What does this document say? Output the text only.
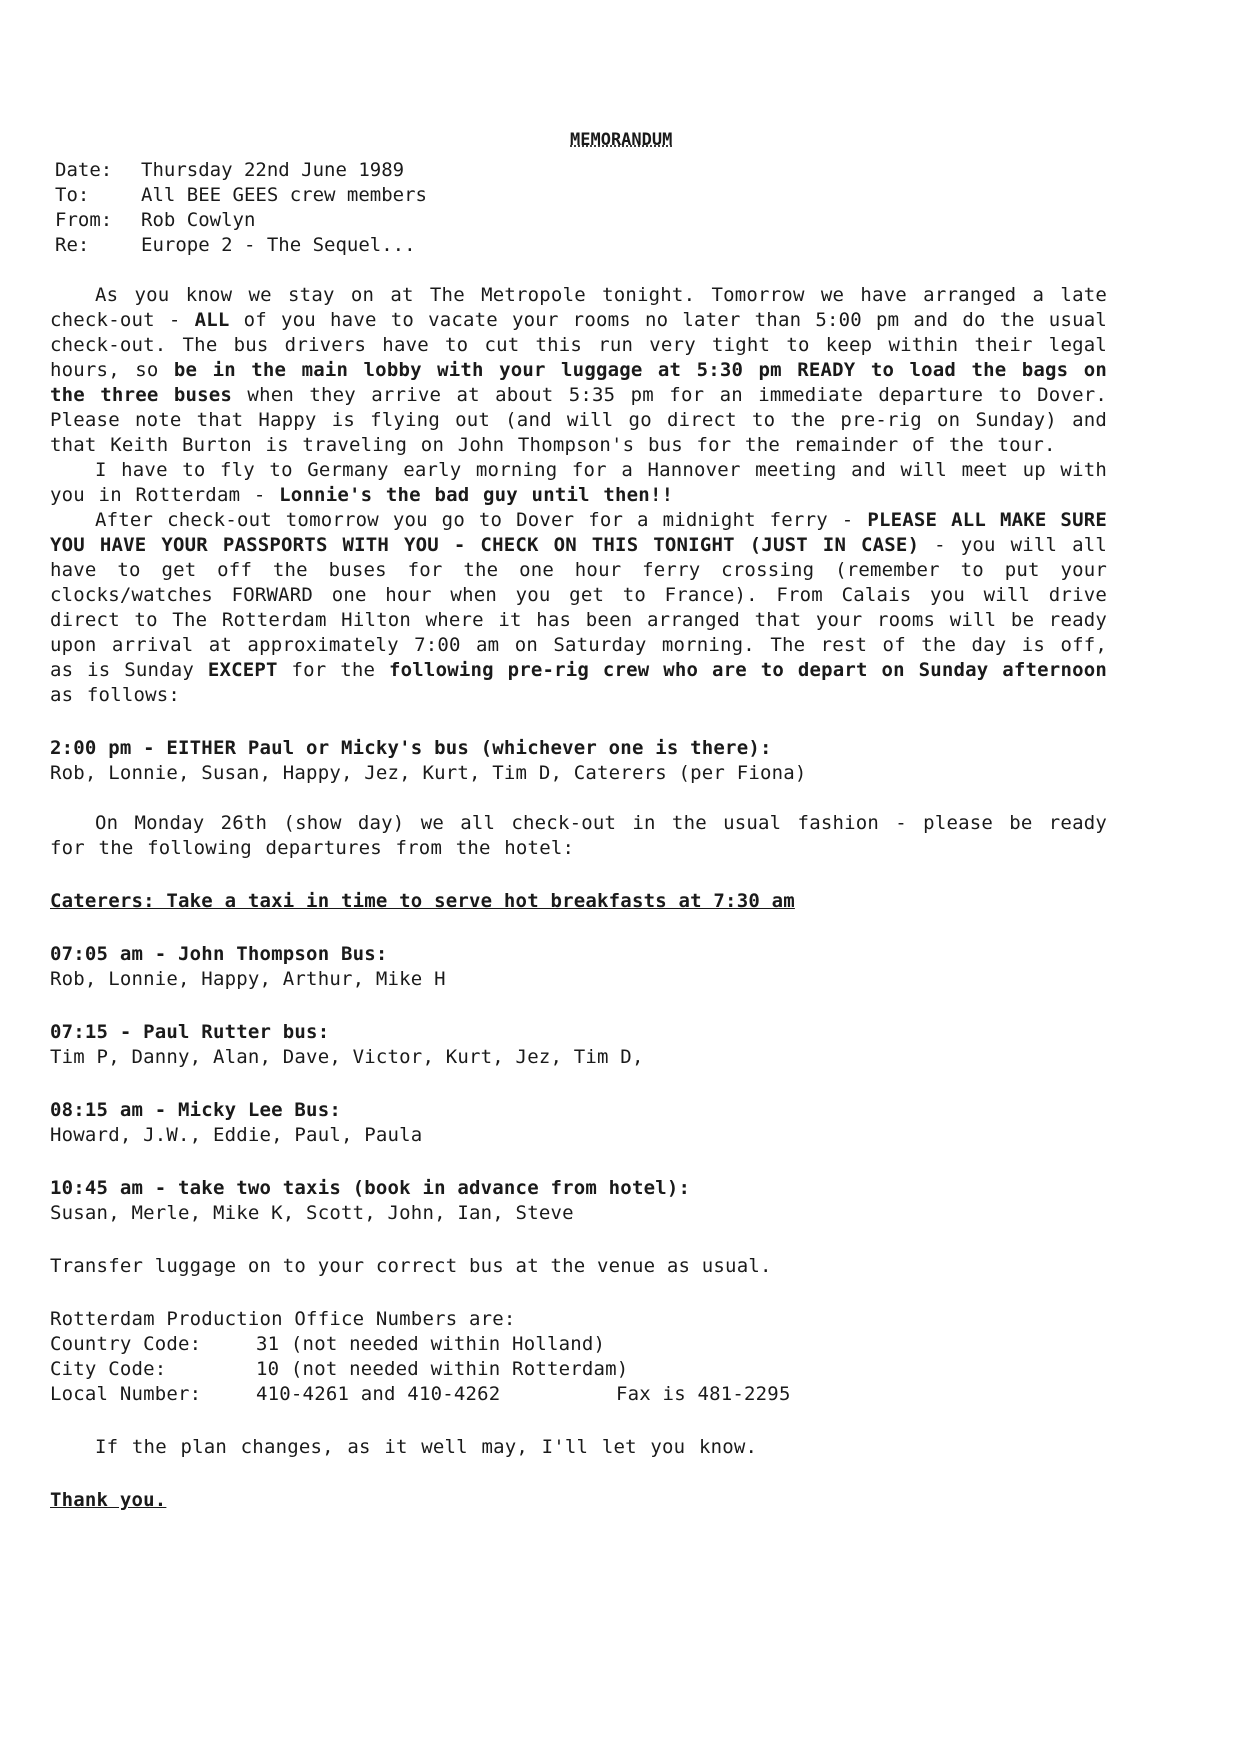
MEMORANDUM
Date:	Thursday 22nd June 1989
To:	All BEE GEES crew members
From:	Rob Cowlyn
Re:	Europe 2 - The Sequel...

As you know we stay on at The Metropole tonight. Tomorrow we have arranged a late check-out - ALL of you have to vacate your rooms no later than 5:00 pm and do the usual check-out. The bus drivers have to cut this run very tight to keep within their legal hours, so be in the main lobby with your luggage at 5:30 pm READY to load the bags on the three buses when they arrive at about 5:35 pm for an immediate departure to Dover. Please note that Happy is flying out (and will go direct to the pre-rig on Sunday) and that Keith Burton is traveling on John Thompson's bus for the remainder of the tour.

I have to fly to Germany early morning for a Hannover meeting and will meet up with you in Rotterdam - Lonnie's the bad guy until then!!

After check-out tomorrow you go to Dover for a midnight ferry - PLEASE ALL MAKE SURE YOU HAVE YOUR PASSPORTS WITH YOU - CHECK ON THIS TONIGHT (JUST IN CASE) - you will all have to get off the buses for the one hour ferry crossing (remember to put your clocks/watches FORWARD one hour when you get to France). From Calais you will drive direct to The Rotterdam Hilton where it has been arranged that your rooms will be ready upon arrival at approximately 7:00 am on Saturday morning. The rest of the day is off, as is Sunday EXCEPT for the following pre-rig crew who are to depart on Sunday afternoon as follows:

2:00 pm - EITHER Paul or Micky's bus (whichever one is there):

Rob, Lonnie, Susan, Happy, Jez, Kurt, Tim D, Caterers (per Fiona)

On Monday 26th (show day) we all check-out in the usual fashion - please be ready for the following departures from the hotel:

Caterers: Take a taxi in time to serve hot breakfasts at 7:30 am

07:05 am - John Thompson Bus:

Rob, Lonnie, Happy, Arthur, Mike H

07:15 - Paul Rutter bus:

Tim P, Danny, Alan, Dave, Victor, Kurt, Jez, Tim D,

08:15 am - Micky Lee Bus:

Howard, J.W., Eddie, Paul, Paula

10:45 am - take two taxis (book in advance from hotel):

Susan, Merle, Mike K, Scott, John, Ian, Steve

Transfer luggage on to your correct bus at the venue as usual.

Rotterdam Production Office Numbers are:

Country Code:	31 (not needed within Holland)
City Code:	10 (not needed within Rotterdam)
Local Number:	410-4261 and 410-4262	Fax is 481-2295

If the plan changes, as it well may, I'll let you know.

Thank you.
